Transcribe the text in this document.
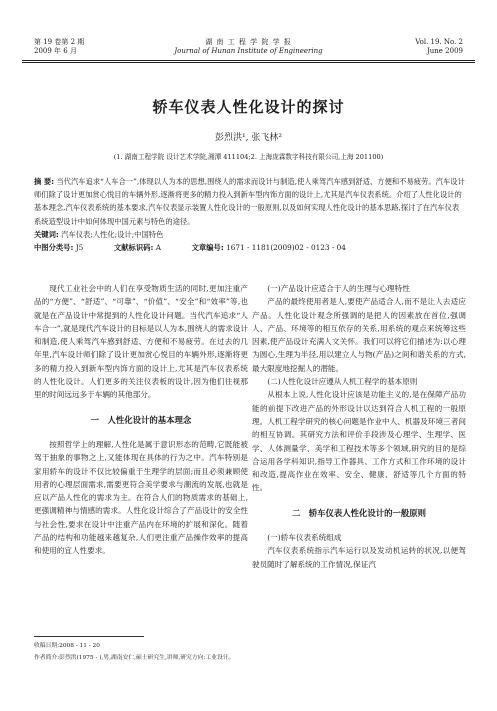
第 19 卷第 2 期
2009 年 6 月
湖 南 工 程 学 院 学 报
Journal of Hunan Institute of Engineering
Vol. 19. No. 2
June 2009
轿车仪表人性化设计的探讨
彭烈洪¹, 张飞林²
(1. 湖南工程学院 设计艺术学院,湘潭 411104;2. 上海庞霖数字科技有限公司,上海 201100)
摘 要: 当代汽车追求“人车合一”,体现以人为本的思想,围绕人的需求而设计与制造,使人乘驾汽车感到舒适、方便和不易疲劳。汽车设计师们除了设计更加赏心悦目的车辆外形,逐渐将更多的精力投入到新车型内饰方面的设计上,尤其是汽车仪表系统。介绍了人性化设计的基本理念,汽车仪表系统的基本要求,汽车仪表显示装置人性化设计的一般原则,以及如何实现人性化设计的基本思路,探讨了在汽车仪表系统造型设计中如何体现中国元素与特色的途径。
关键词: 汽车仪表;人性化;设计;中国特色
中图分类号: J5	文献标识码: A	文章编号: 1671 - 1181(2009)02 - 0123 - 04

现代工业社会中的人们在享受物质生活的同时,更加注重产品的“方便”、“舒适”、“可靠”、“价值”、“安全”和“效率”等,也就是在产品设计中常提到的人性化设计问题。当代汽车追求“人车合一”,就是现代汽车设计的目标是以人为本,围绕人的需求设计和制造,使人乘驾汽车感到舒适、方便和不易疲劳。在过去的几年里,汽车设计师们除了设计更加赏心悦目的车辆外形,逐渐将更多的精力投入到新车型内饰方面的设计上,尤其是汽车仪表系统的人性化设计。人们更多的关注仪表板的设计,因为他们往视那里的时间远远多于车辆的其他部分。

一　人性化设计的基本理念

按照哲学上的理解,人性化是属于意识形态的范畴,它既能被驾于抽象的事物之上,又能体现在具体的行为之中。汽车特别是家用轿车的设计不仅比较偏重于生理学的层面;而且必须兼顾使用者的心理层面需求,需要更符合美学要求与潮流的发展,也就是应以产品人性化的需求为主。在符合人们的物质需求的基础上,更强调精神与情感的需求。人性化设计综合了产品设计的安全性与社会性,要求在设计中注重产品内在环境的扩展和深化。随着产品的结构和功能越来越复杂,人们更注重产品操作效率的提高和使用的宜人性要求。

(一)产品设计应适合于人的生理与心理特性

产品的最终使用者是人,要使产品适合人,而不是让人去适应产品。人性化设计观念所强调的是把人的因素放在首位,强调人、产品、环境等的相互依存的关系,用系统的观点来统筹这些因素,使产品设计充满人文关怀。我们可以将它们描述为:以心理为圆心,生理为半径,用以建立人与物(产品)之间和谐关系的方式,最大限度地挖掘人的潜能。

(二)人性化设计应遵从人机工程学的基本原则

从根本上说,人性化设计应该是功能主义的,是在保障产品功能的前提下改进产品的外形设计以达到符合人机工程的一般原理。人机工程学研究的核心问题是作业中人、机器及环境三者间的相互协调。其研究方法和评价手段涉及心理学、生理学、医学、人体测量学、美学和工程技术等多个领域,研究的目的是综合运用各学科知识,指导工作器具、工作方式和工作环境的设计和改造,提高作业在效率、安全、健康、舒适等几个方面的特性。

二　轿车仪表人性化设计的一般原则

(一)轿车仪表系统组成

汽车仪表系统指示汽车运行以及发动机运转的状况,以便驾驶员随时了解系统的工作情况,保证汽

收稿日期:2008 - 11 - 20
作者简介:彭烈洪(1975 - ),男,湖南安仁,硕士研究生,讲师,研究方向:工业设计。
